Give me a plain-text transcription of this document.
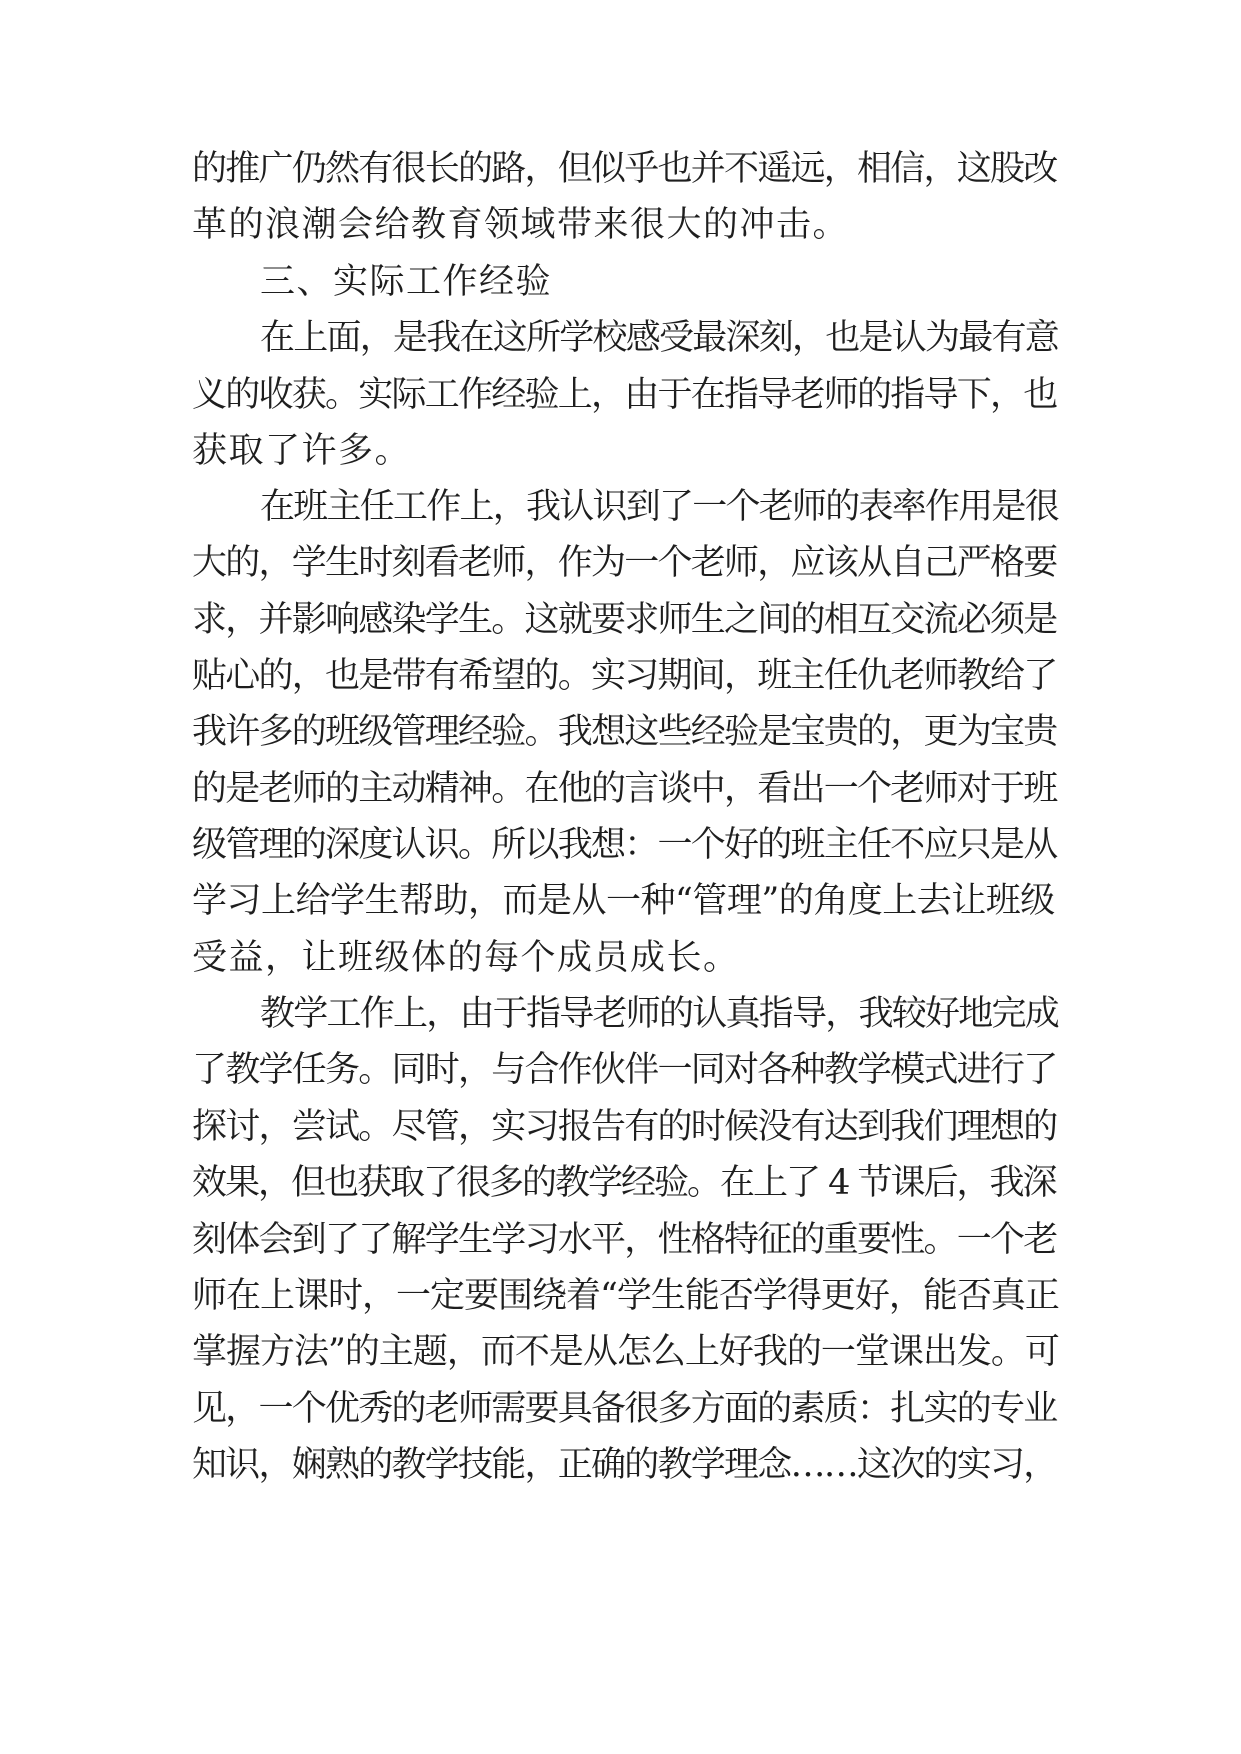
的推广仍然有很长的路，但似乎也并不遥远，相信，这股改
革的浪潮会给教育领域带来很大的冲击。
三、实际工作经验
在上面，是我在这所学校感受最深刻，也是认为最有意
义的收获。实际工作经验上，由于在指导老师的指导下，也
获取了许多。
在班主任工作上，我认识到了一个老师的表率作用是很
大的，学生时刻看老师，作为一个老师，应该从自己严格要
求，并影响感染学生。这就要求师生之间的相互交流必须是
贴心的，也是带有希望的。实习期间，班主任仇老师教给了
我许多的班级管理经验。我想这些经验是宝贵的，更为宝贵
的是老师的主动精神。在他的言谈中，看出一个老师对于班
级管理的深度认识。所以我想：一个好的班主任不应只是从
学习上给学生帮助，而是从一种“管理”的角度上去让班级
受益，让班级体的每个成员成长。
教学工作上，由于指导老师的认真指导，我较好地完成
了教学任务。同时，与合作伙伴一同对各种教学模式进行了
探讨，尝试。尽管，实习报告有的时候没有达到我们理想的
效果，但也获取了很多的教学经验。在上了 4 节课后，我深
刻体会到了了解学生学习水平，性格特征的重要性。一个老
师在上课时，一定要围绕着“学生能否学得更好，能否真正
掌握方法”的主题，而不是从怎么上好我的一堂课出发。可
见，一个优秀的老师需要具备很多方面的素质：扎实的专业
知识，娴熟的教学技能，正确的教学理念……这次的实习，
